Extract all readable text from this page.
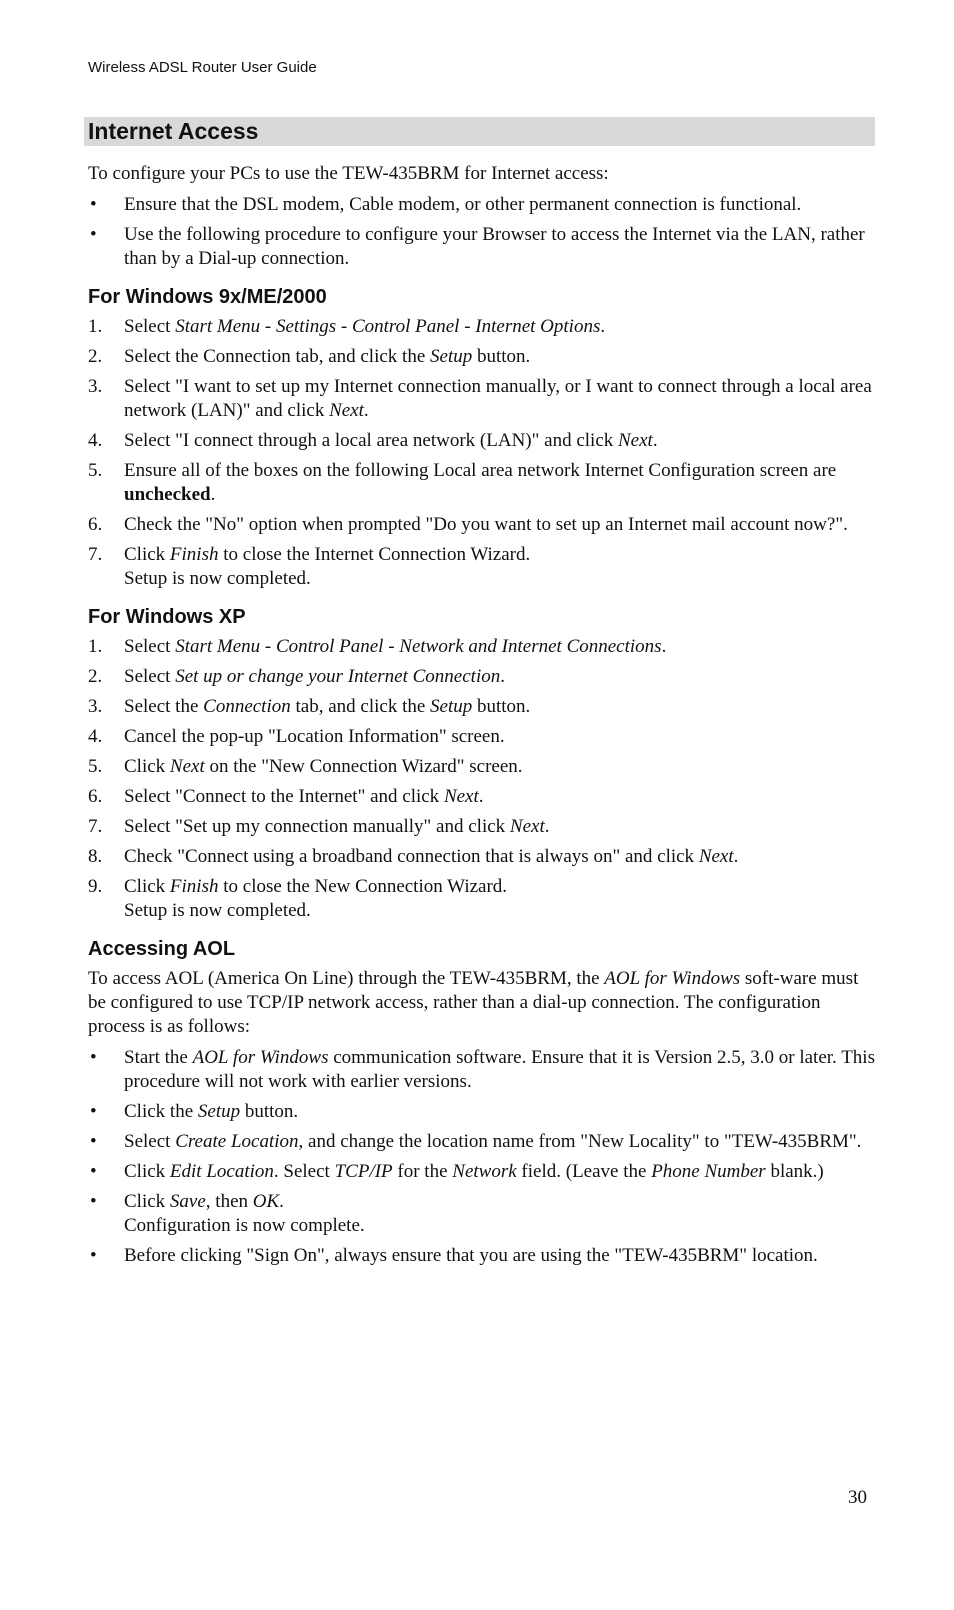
Wireless ADSL Router User Guide
Internet Access

To configure your PCs to use the TEW-435BRM for Internet access:

• Ensure that the DSL modem, Cable modem, or other permanent connection is functional.
• Use the following procedure to configure your Browser to access the Internet via the LAN, rather than by a Dial-up connection.
For Windows 9x/ME/2000
1. Select Start Menu - Settings - Control Panel - Internet Options.
2. Select the Connection tab, and click the Setup button.
3. Select "I want to set up my Internet connection manually, or I want to connect through a local area network (LAN)" and click Next.
4. Select "I connect through a local area network (LAN)" and click Next.
5. Ensure all of the boxes on the following Local area network Internet Configuration screen are unchecked.
6. Check the "No" option when prompted "Do you want to set up an Internet mail account now?".
7. Click Finish to close the Internet Connection Wizard.
Setup is now completed.
For Windows XP
1. Select Start Menu - Control Panel - Network and Internet Connections.
2. Select Set up or change your Internet Connection.
3. Select the Connection tab, and click the Setup button.
4. Cancel the pop-up "Location Information" screen.
5. Click Next on the "New Connection Wizard" screen.
6. Select "Connect to the Internet" and click Next.
7. Select "Set up my connection manually" and click Next.
8. Check "Connect using a broadband connection that is always on" and click Next.
9. Click Finish to close the New Connection Wizard.
Setup is now completed.
Accessing AOL

To access AOL (America On Line) through the TEW-435BRM, the AOL for Windows soft-ware must be configured to use TCP/IP network access, rather than a dial-up connection. The configuration process is as follows:

• Start the AOL for Windows communication software. Ensure that it is Version 2.5, 3.0 or later. This procedure will not work with earlier versions.
• Click the Setup button.
• Select Create Location, and change the location name from "New Locality" to "TEW-435BRM".
• Click Edit Location. Select TCP/IP for the Network field. (Leave the Phone Number blank.)
• Click Save, then OK.
Configuration is now complete.
• Before clicking "Sign On", always ensure that you are using the "TEW-435BRM" location.
30
